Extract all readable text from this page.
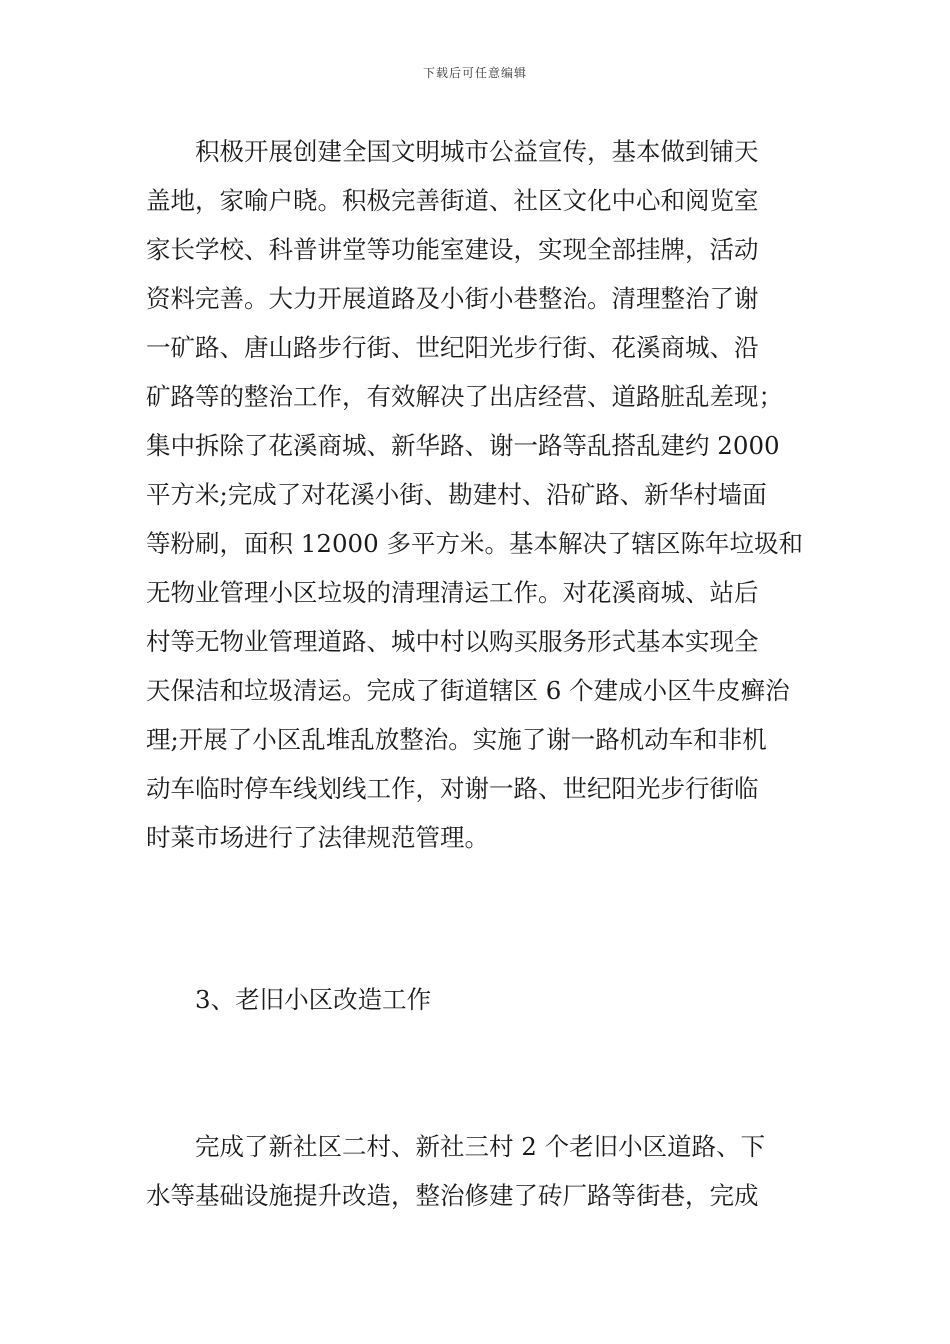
下载后可任意编辑
积极开展创建全国文明城市公益宣传，基本做到铺天
盖地，家喻户晓。积极完善街道、社区文化中心和阅览室
家长学校、科普讲堂等功能室建设，实现全部挂牌，活动
资料完善。大力开展道路及小街小巷整治。清理整治了谢
一矿路、唐山路步行街、世纪阳光步行街、花溪商城、沿
矿路等的整治工作，有效解决了出店经营、道路脏乱差现；
集中拆除了花溪商城、新华路、谢一路等乱搭乱建约 2000
平方米;完成了对花溪小街、勘建村、沿矿路、新华村墙面
等粉刷，面积 12000 多平方米。基本解决了辖区陈年垃圾和
无物业管理小区垃圾的清理清运工作。对花溪商城、站后
村等无物业管理道路、城中村以购买服务形式基本实现全
天保洁和垃圾清运。完成了街道辖区 6 个建成小区牛皮癣治
理;开展了小区乱堆乱放整治。实施了谢一路机动车和非机
动车临时停车线划线工作，对谢一路、世纪阳光步行街临
时菜市场进行了法律规范管理。
3、老旧小区改造工作
完成了新社区二村、新社三村 2 个老旧小区道路、下
水等基础设施提升改造，整治修建了砖厂路等街巷，完成
